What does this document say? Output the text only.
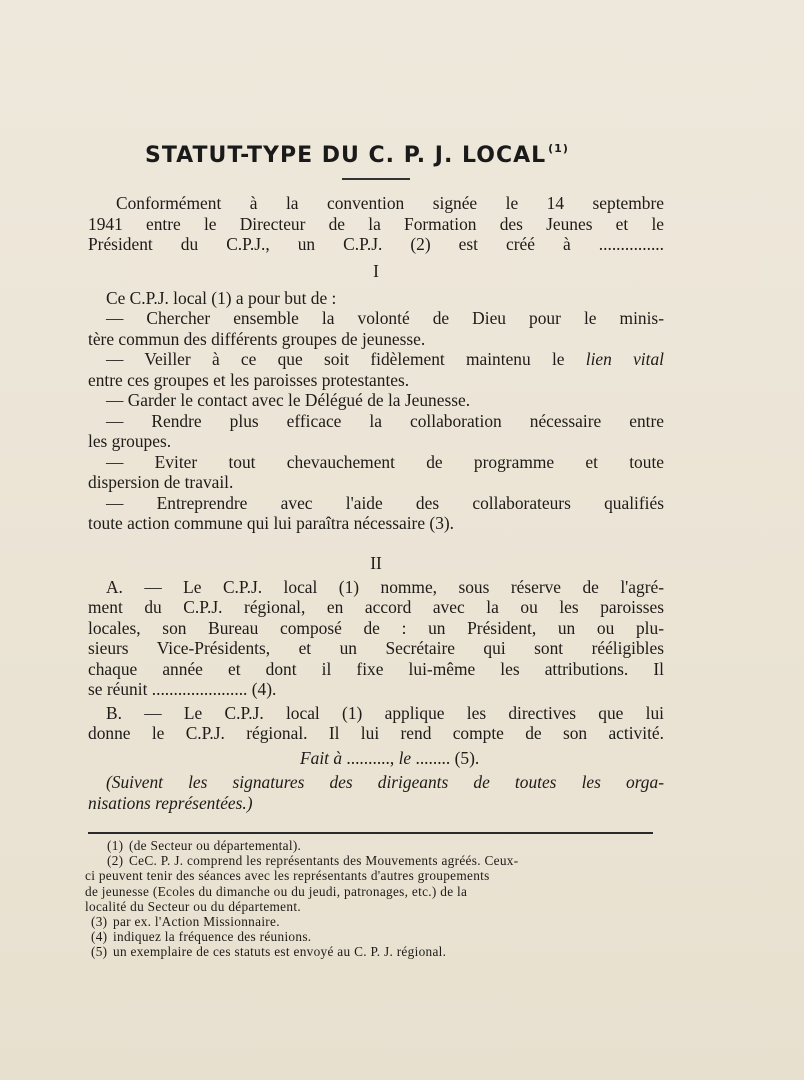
STATUT-TYPE DU C. P. J. LOCAL $^{(1)}$
Conformément à la convention signée le 14 septembre
1941 entre le Directeur de la Formation des Jeunes et le
Président du C.P.J., un C.P.J. (2) est créé à ...............
I
Ce C.P.J. local (1) a pour but de :
— Chercher ensemble la volonté de Dieu pour le minis-
tère commun des différents groupes de jeunesse.
— Veiller à ce que soit fidèlement maintenu le lien vital
entre ces groupes et les paroisses protestantes.
— Garder le contact avec le Délégué de la Jeunesse.
— Rendre plus efficace la collaboration nécessaire entre
les groupes.
— Eviter tout chevauchement de programme et toute
dispersion de travail.
— Entreprendre avec l'aide des collaborateurs qualifiés
toute action commune qui lui paraîtra nécessaire (3).
II
A. — Le C.P.J. local (1) nomme, sous réserve de l'agré-
ment du C.P.J. régional, en accord avec la ou les paroisses
locales, son Bureau composé de : un Président, un ou plu-
sieurs Vice-Présidents, et un Secrétaire qui sont rééligibles
chaque année et dont il fixe lui-même les attributions. Il
se réunit ...................... (4).
B. — Le C.P.J. local (1) applique les directives que lui
donne le C.P.J. régional. Il lui rend compte de son activité.
Fait à .........., le ........ (5).
(Suivent les signatures des dirigeants de toutes les orga-
nisations représentées.)
(1) (de Secteur ou départemental).
(2) CeC. P. J. comprend les représentants des Mouvements agréés. Ceux-
ci peuvent tenir des séances avec les représentants d'autres groupements
de jeunesse (Ecoles du dimanche ou du jeudi, patronages, etc.) de la
localité du Secteur ou du département.
(3) par ex. l'Action Missionnaire.
(4) indiquez la fréquence des réunions.
(5) un exemplaire de ces statuts est envoyé au C. P. J. régional.
